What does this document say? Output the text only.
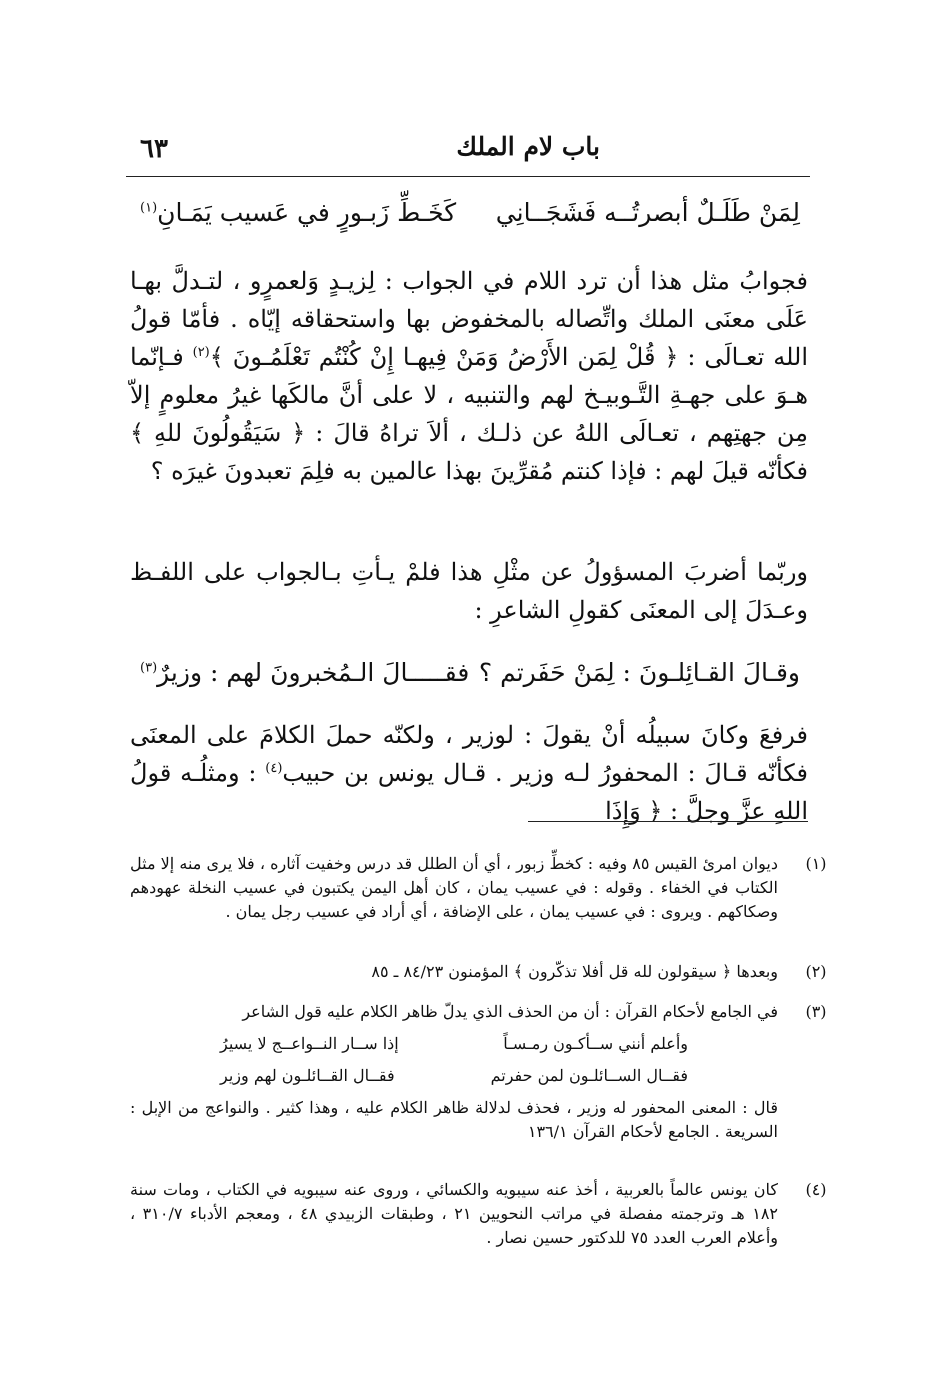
باب لام الملك
٦٣
لِمَنْ طَلَـلٌ أبصرتُــه فَشَجَــانِي
كَخَـطِّ زَبـورٍ في عَسيب يَمَـانِ$^{(١)}$
فجوابُ مثل هذا أن ترد اللام في الجواب : لِزيـدٍ وَلعمرٍو ، لتـدلَّ بهـا عَلَى معنَى الملك واتِّصاله بالمخفوض بها واستحقاقه إيّاه . فأمّا قولُ الله تعـالَى : ﴿ قُلْ لِمَن الأَرْضُ وَمَنْ فِيهـا إِنْ كُنْتُم تَعْلَمُـونَ ﴾$^{(٢)}$ فـإنّما هـوَ على جهـةِ التَّـوبيـخ لهم والتنبيه ، لا على أنَّ مالكَها غيرُ معلومٍ إلاّ مِن جهتِهم ، تعـالَى اللهُ عن ذلـك ، ألاَ تراهُ قالَ : ﴿ سَيَقُولُونَ للهِ ﴾ فكأنّه قيلَ لهم : فإذا كنتم مُقرِّينَ بهذا عالمين به فلِمَ تعبدونَ غيرَه ؟
وربّما أضربَ المسؤولُ عن مثْلِ هذا فلمْ يـأتِ بـالجواب على اللفـظ وعـدَلَ إلى المعنَى كقولِ الشاعرِ :
وقـالَ القـائِلـونَ : لِمَنْ حَفَرتم ؟
فقـــــالَ الـمُخبرونَ لهم : وزيرٌ$^{(٣)}$
فرفعَ وكانَ سبيلُه أنْ يقولَ : لوزير ، ولكنّه حملَ الكلامَ على المعنَى فكأنّه قـالَ : المحفورُ لـه وزير . قـال يونس بن حبيب$^{(٤)}$ : ومثلُـه قولُ اللهِ عزَّ وجلَّ : ﴿ وَإِذَا
(١)
ديوان امرئ القيس ٨٥ وفيه : كخطِّ زبور ، أي أن الطلل قد درس وخفيت آثاره ، فلا يرى منه إلا مثل الكتاب في الخفاء . وقوله : في عسيب يمان ، كان أهل اليمن يكتبون في عسيب النخلة عهودهم وصكاكهم . ويروى : في عسيب يمان ، على الإضافة ، أي أراد في عسيب رجل يمان .
(٢)
وبعدها ﴿ سيقولون لله قل أفلا تذكّرون ﴾ المؤمنون ٨٤/٢٣ ـ ٨٥
(٣)
في الجامع لأحكام القرآن : أن من الحذف الذي يدلّ ظاهر الكلام عليه قول الشاعر
وأعلم أنني ســأكـون رمـسـاً
إذا ســار النــواعــج لا يسيرُ
فقــال الســائلـون لمن حفرتم
فقــال القــائلـون لهم وزير
قال : المعنى المحفور له وزير ، فحذف لدلالة ظاهر الكلام عليه ، وهذا كثير . والنواعج من الإبل : السريعة . الجامع لأحكام القرآن ١٣٦/١
(٤)
كان يونس عالماً بالعربية ، أخذ عنه سيبويه والكسائي ، وروى عنه سيبويه في الكتاب ، ومات سنة ١٨٢ هـ وترجمته مفصلة في مراتب النحويين ٢١ ، وطبقات الزبيدي ٤٨ ، ومعجم الأدباء ٣١٠/٧ ، وأعلام العرب العدد ٧٥ للدكتور حسين نصار .
